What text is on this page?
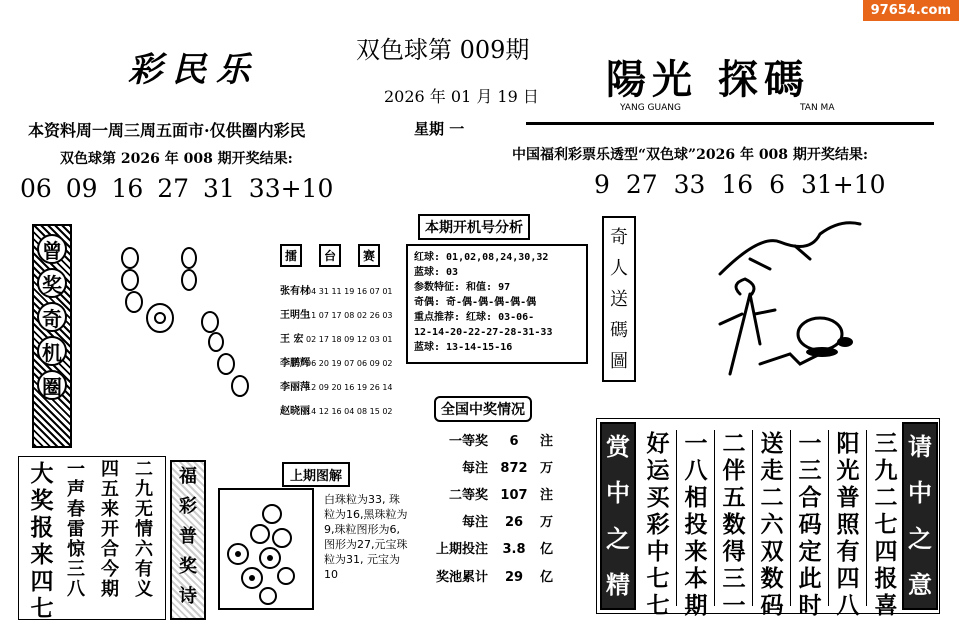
97654.com
彩民乐	双色球第 009期
2026 年 01 月 19 日
星期 一
陽光 探碼
YANG GUANG	TAN MA
本资料周一周三周五面市·仅供圈内彩民
双色球第 2026 年 008 期开奖结果:
06 09 16 27 31 33+10
中国福利彩票乐透型“双色球”2026 年 008 期开奖结果:
9 27 33 16 6 31+10
曾
奖
奇
机
圈
擂	台	赛
张有材04 31 11 19 16 07 01
王明生11 07 17 08 02 26 03
王 宏 02 17 18 09 12 03 01
李鹏辉06 20 19 07 06 09 02
李丽萍12 09 20 16 19 26 14
赵晓丽14 12 16 04 08 15 02
本期开机号分析
红球: 01,02,08,24,30,32
蓝球: 03
参数特征: 和值: 97
奇偶: 奇-偶-偶-偶-偶-偶
重点推荐: 红球: 03-06-
12-14-20-22-27-28-31-33
蓝球: 13-14-15-16
奇
人
送
碼
圖
全国中奖情况
一等奖 6 注
每注 872 万
二等奖 107 注
每注 26 万
上期投注 3.8 亿
奖池累计 29 亿
上期图解
白珠粒为33, 珠粒为16,黑珠粒为9,珠粒图形为6, 图形为27,元宝珠粒为31, 元宝为10
大奖报来四七
一声春雷惊三八
四五来开合今期
二九无情六有义
福
彩
普
奖
诗
赏
中
之
精
请
中
之
意
好运买彩中七七
一八相投来本期
二伴五数得三一
送走二六双数码
一三合码定此时
阳光普照有四八
三九二七四报喜
